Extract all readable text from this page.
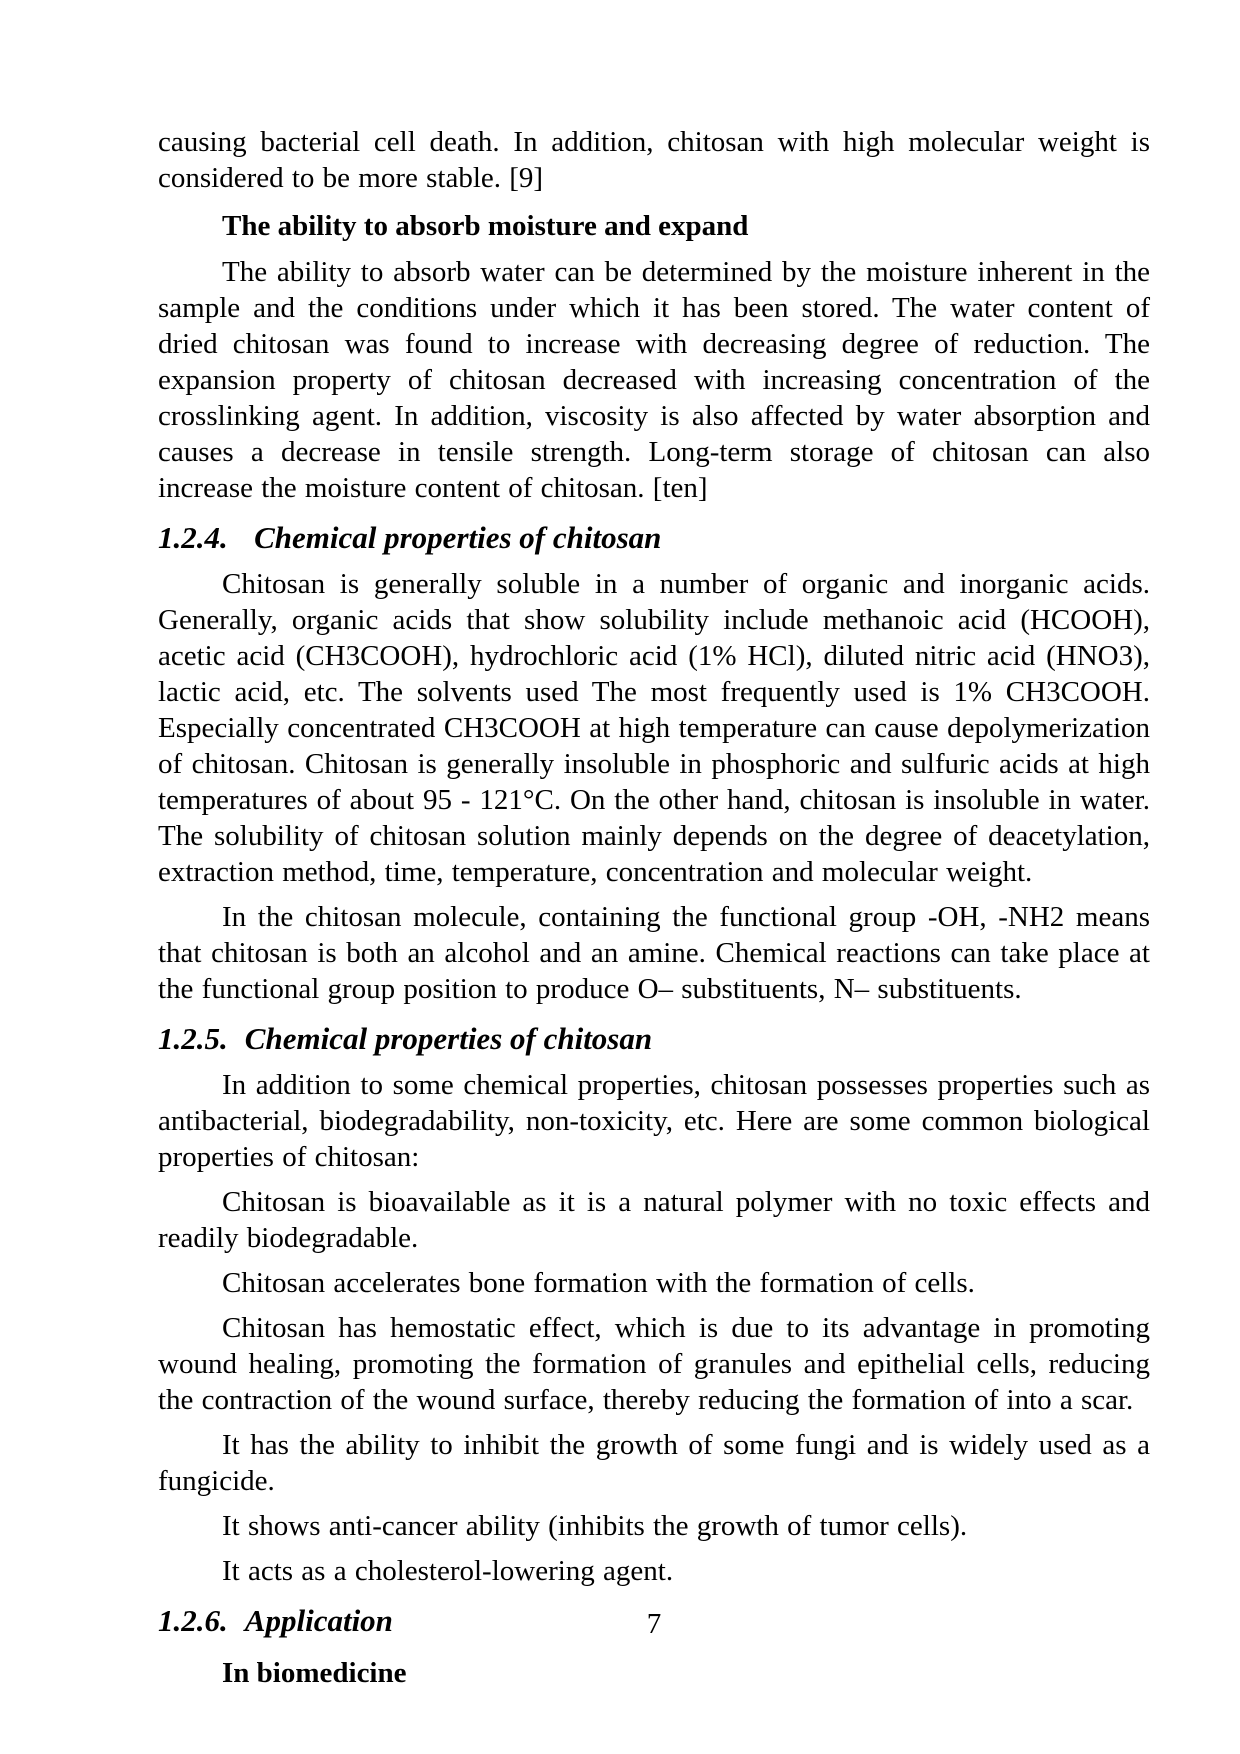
causing bacterial cell death. In addition, chitosan with high molecular weight is considered to be more stable. [9]

The ability to absorb moisture and expand

The ability to absorb water can be determined by the moisture inherent in the sample and the conditions under which it has been stored. The water content of dried chitosan was found to increase with decreasing degree of reduction. The expansion property of chitosan decreased with increasing concentration of the crosslinking agent. In addition, viscosity is also affected by water absorption and causes a decrease in tensile strength. Long-term storage of chitosan can also increase the moisture content of chitosan. [ten]

1.2.4. Chemical properties of chitosan

Chitosan is generally soluble in a number of organic and inorganic acids. Generally, organic acids that show solubility include methanoic acid (HCOOH), acetic acid (CH3COOH), hydrochloric acid (1% HCl), diluted nitric acid (HNO3), lactic acid, etc. The solvents used The most frequently used is 1% CH3COOH. Especially concentrated CH3COOH at high temperature can cause depolymerization of chitosan. Chitosan is generally insoluble in phosphoric and sulfuric acids at high temperatures of about 95 - 121°C. On the other hand, chitosan is insoluble in water. The solubility of chitosan solution mainly depends on the degree of deacetylation, extraction method, time, temperature, concentration and molecular weight.

In the chitosan molecule, containing the functional group -OH, -NH2 means that chitosan is both an alcohol and an amine. Chemical reactions can take place at the functional group position to produce O– substituents, N– substituents.

1.2.5. Chemical properties of chitosan

In addition to some chemical properties, chitosan possesses properties such as antibacterial, biodegradability, non-toxicity, etc. Here are some common biological properties of chitosan:

Chitosan is bioavailable as it is a natural polymer with no toxic effects and readily biodegradable.

Chitosan accelerates bone formation with the formation of cells.

Chitosan has hemostatic effect, which is due to its advantage in promoting wound healing, promoting the formation of granules and epithelial cells, reducing the contraction of the wound surface, thereby reducing the formation of into a scar.

It has the ability to inhibit the growth of some fungi and is widely used as a fungicide.

It shows anti-cancer ability (inhibits the growth of tumor cells).

It acts as a cholesterol-lowering agent.

1.2.6. Application

In biomedicine

7
